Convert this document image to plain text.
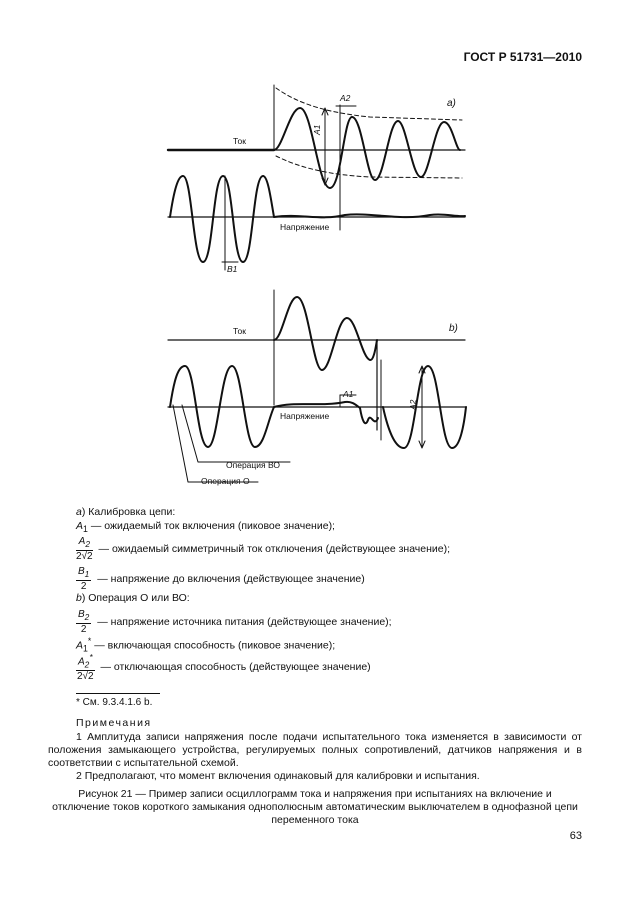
ГОСТ Р 51731—2010
Ток
Напряжение
a)
A1
A2
B1
Ток
Напряжение
b)
A1
A2
Операция ВО
Операция О
a) Калибровка цепи:
$A_1$ — ожидаемый ток включения (пиковое значение);
$\frac{A_2}{2√2}$ — ожидаемый симметричный ток отключения (действующее значение);
$\frac{B_1}{2}$ — напряжение до включения (действующее значение)
b) Операция О или ВО:
$\frac{B_2}{2}$ — напряжение источника питания (действующее значение);
$A_1^*$ — включающая способность (пиковое значение);
$\frac{A_2^*}{2√2}$ — отключающая способность (действующее значение)
* См. 9.3.4.1.6 b.
Примечания
1 Амплитуда записи напряжения после подачи испытательного тока изменяется в зависимости от положения замыкающего устройства, регулируемых полных сопротивлений, датчиков напряжения и в соответствии с испытательной схемой.
2 Предполагают, что момент включения одинаковый для калибровки и испытания.
Рисунок 21 — Пример записи осциллограмм тока и напряжения при испытаниях на включение и отключение токов короткого замыкания однополюсным автоматическим выключателем в однофазной цепи переменного тока
63
